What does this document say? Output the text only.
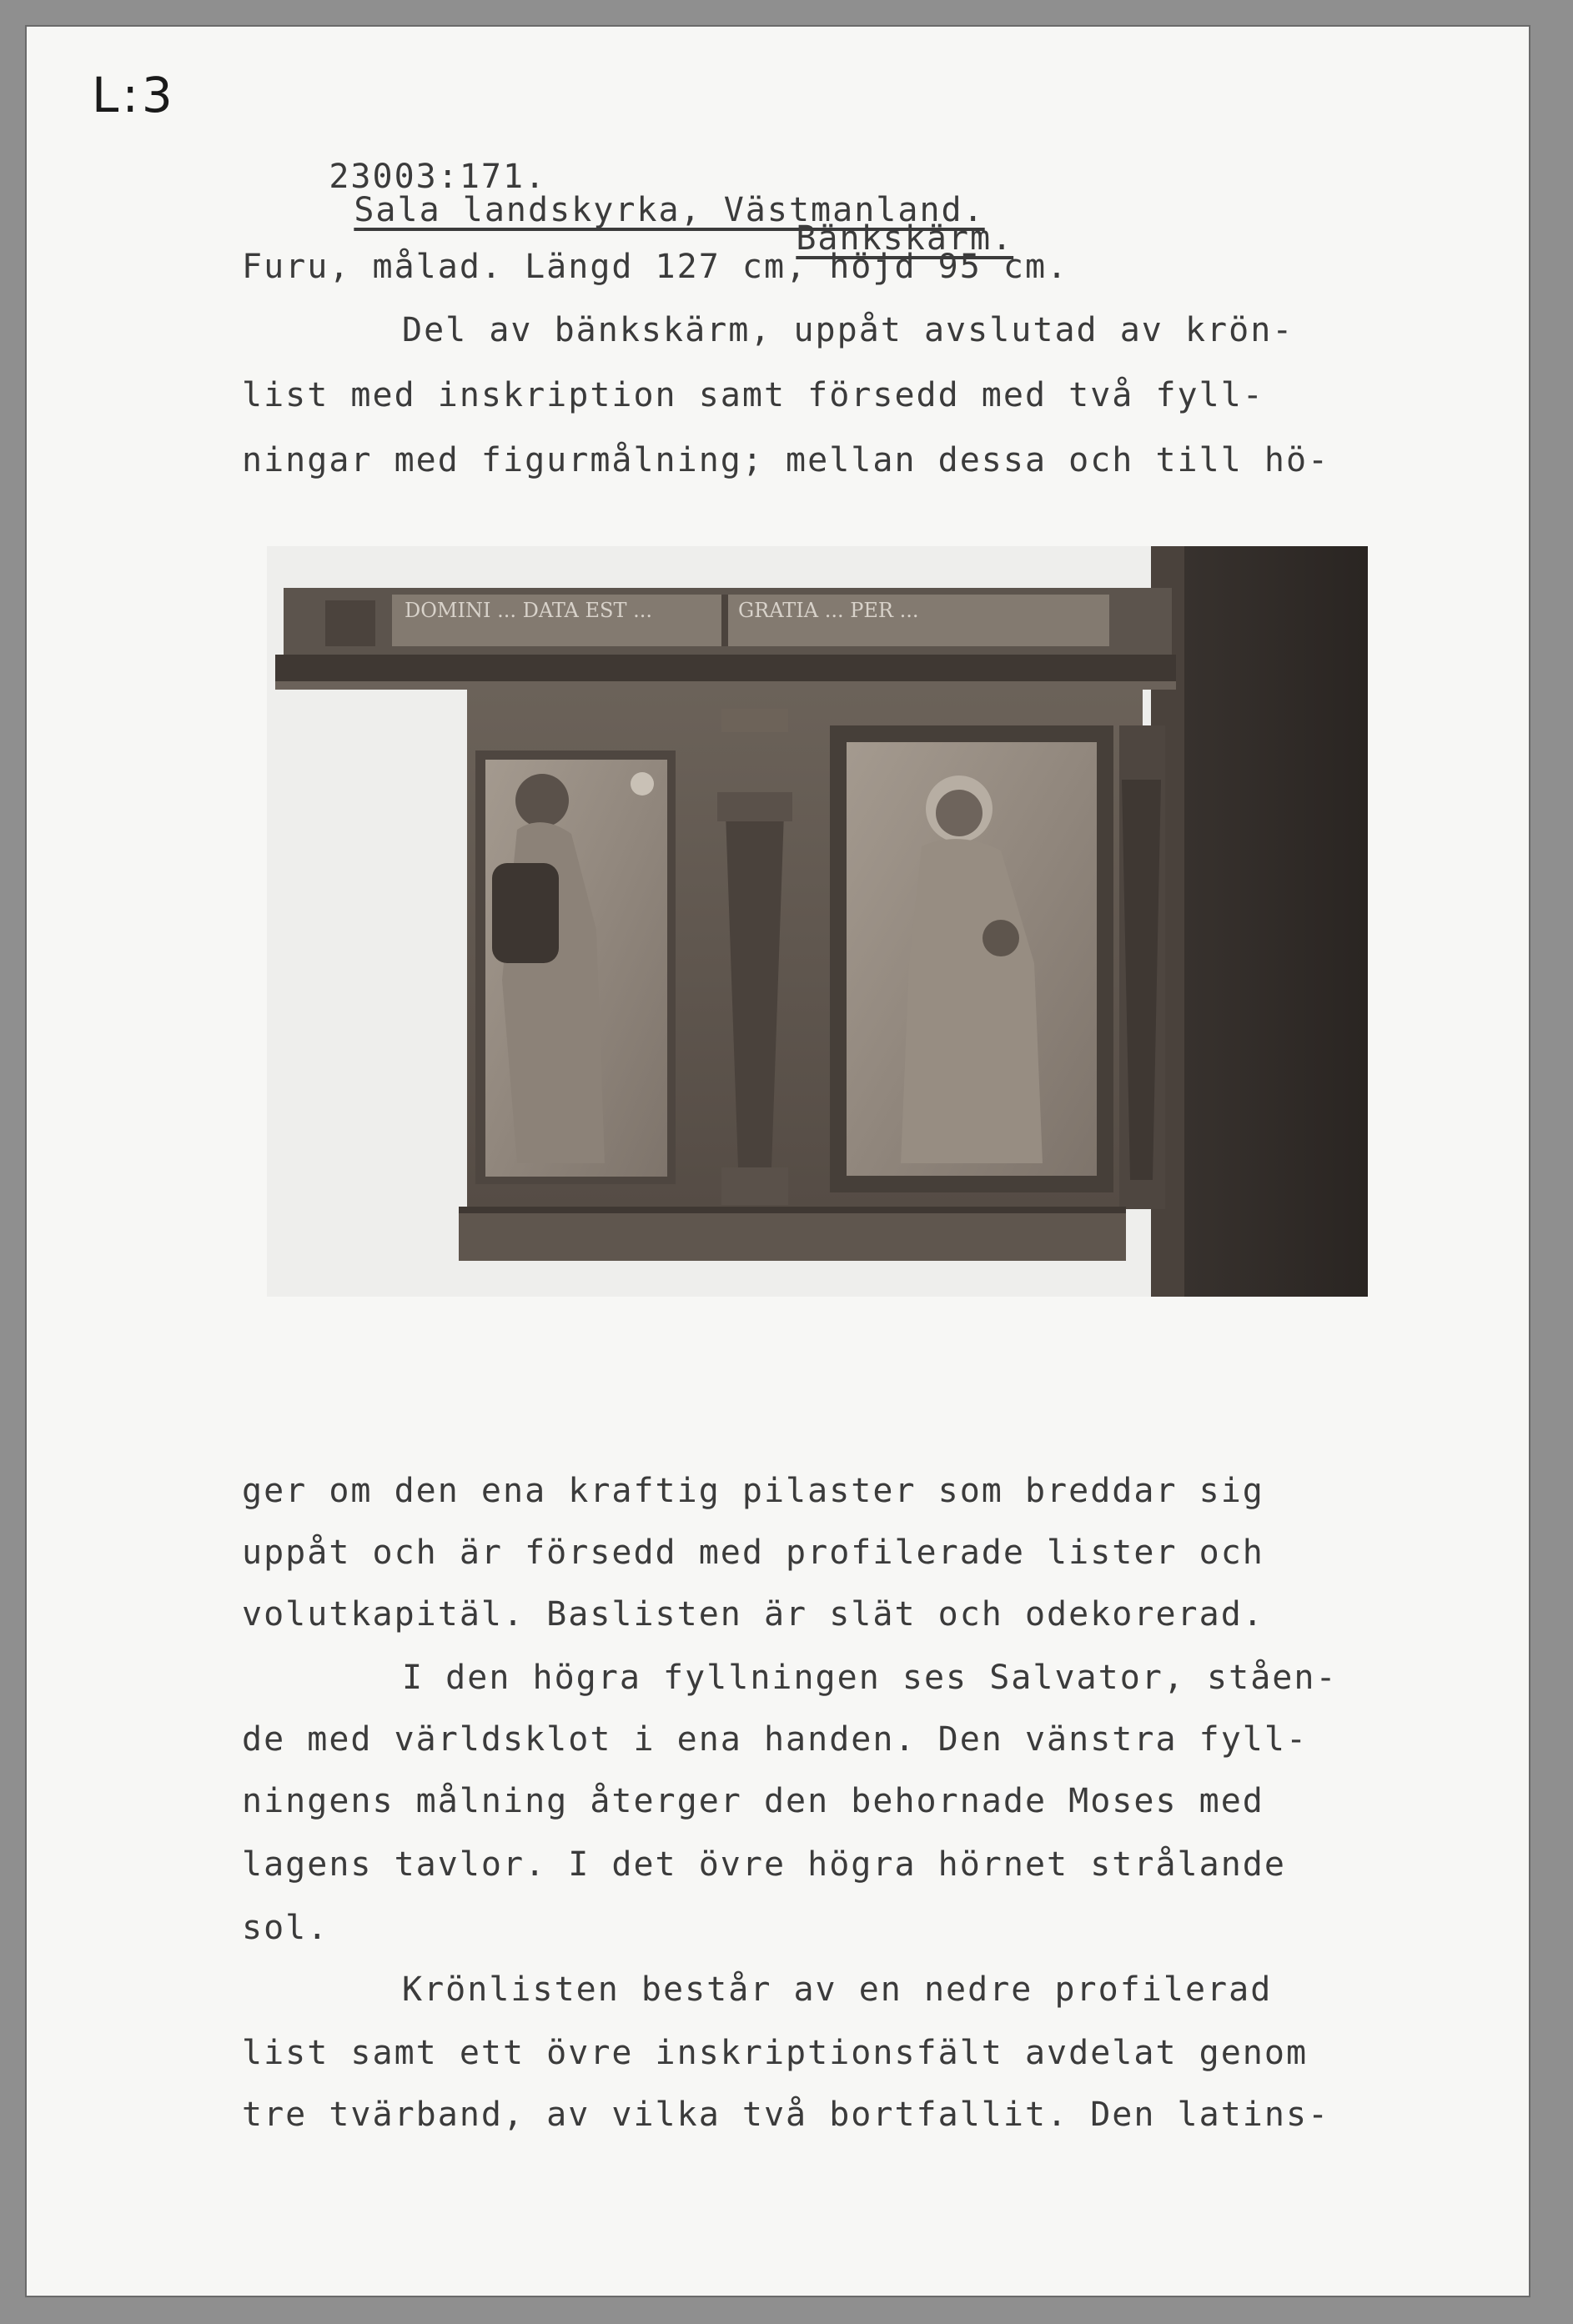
L:3

23003:171.
Sala landskyrka, Västmanland.

Bänkskärm.

Furu, målad. Längd 127 cm, höjd 95 cm.
Del av bänkskärm, uppåt avslutad av krön-
list med inskription samt försedd med två fyll-
ningar med figurmålning; mellan dessa och till hö-
DOMINI ... DATA EST ...	GRATIA ... PER ...
ger om den ena kraftig pilaster som breddar sig
uppåt och är försedd med profilerade lister och
volutkapitäl. Baslisten är slät och odekorerad.
I den högra fyllningen ses Salvator, ståen-
de med världsklot i ena handen. Den vänstra fyll-
ningens målning återger den behornade Moses med
lagens tavlor. I det övre högra hörnet strålande
sol.
Krönlisten består av en nedre profilerad
list samt ett övre inskriptionsfält avdelat genom
tre tvärband, av vilka två bortfallit. Den latins-
